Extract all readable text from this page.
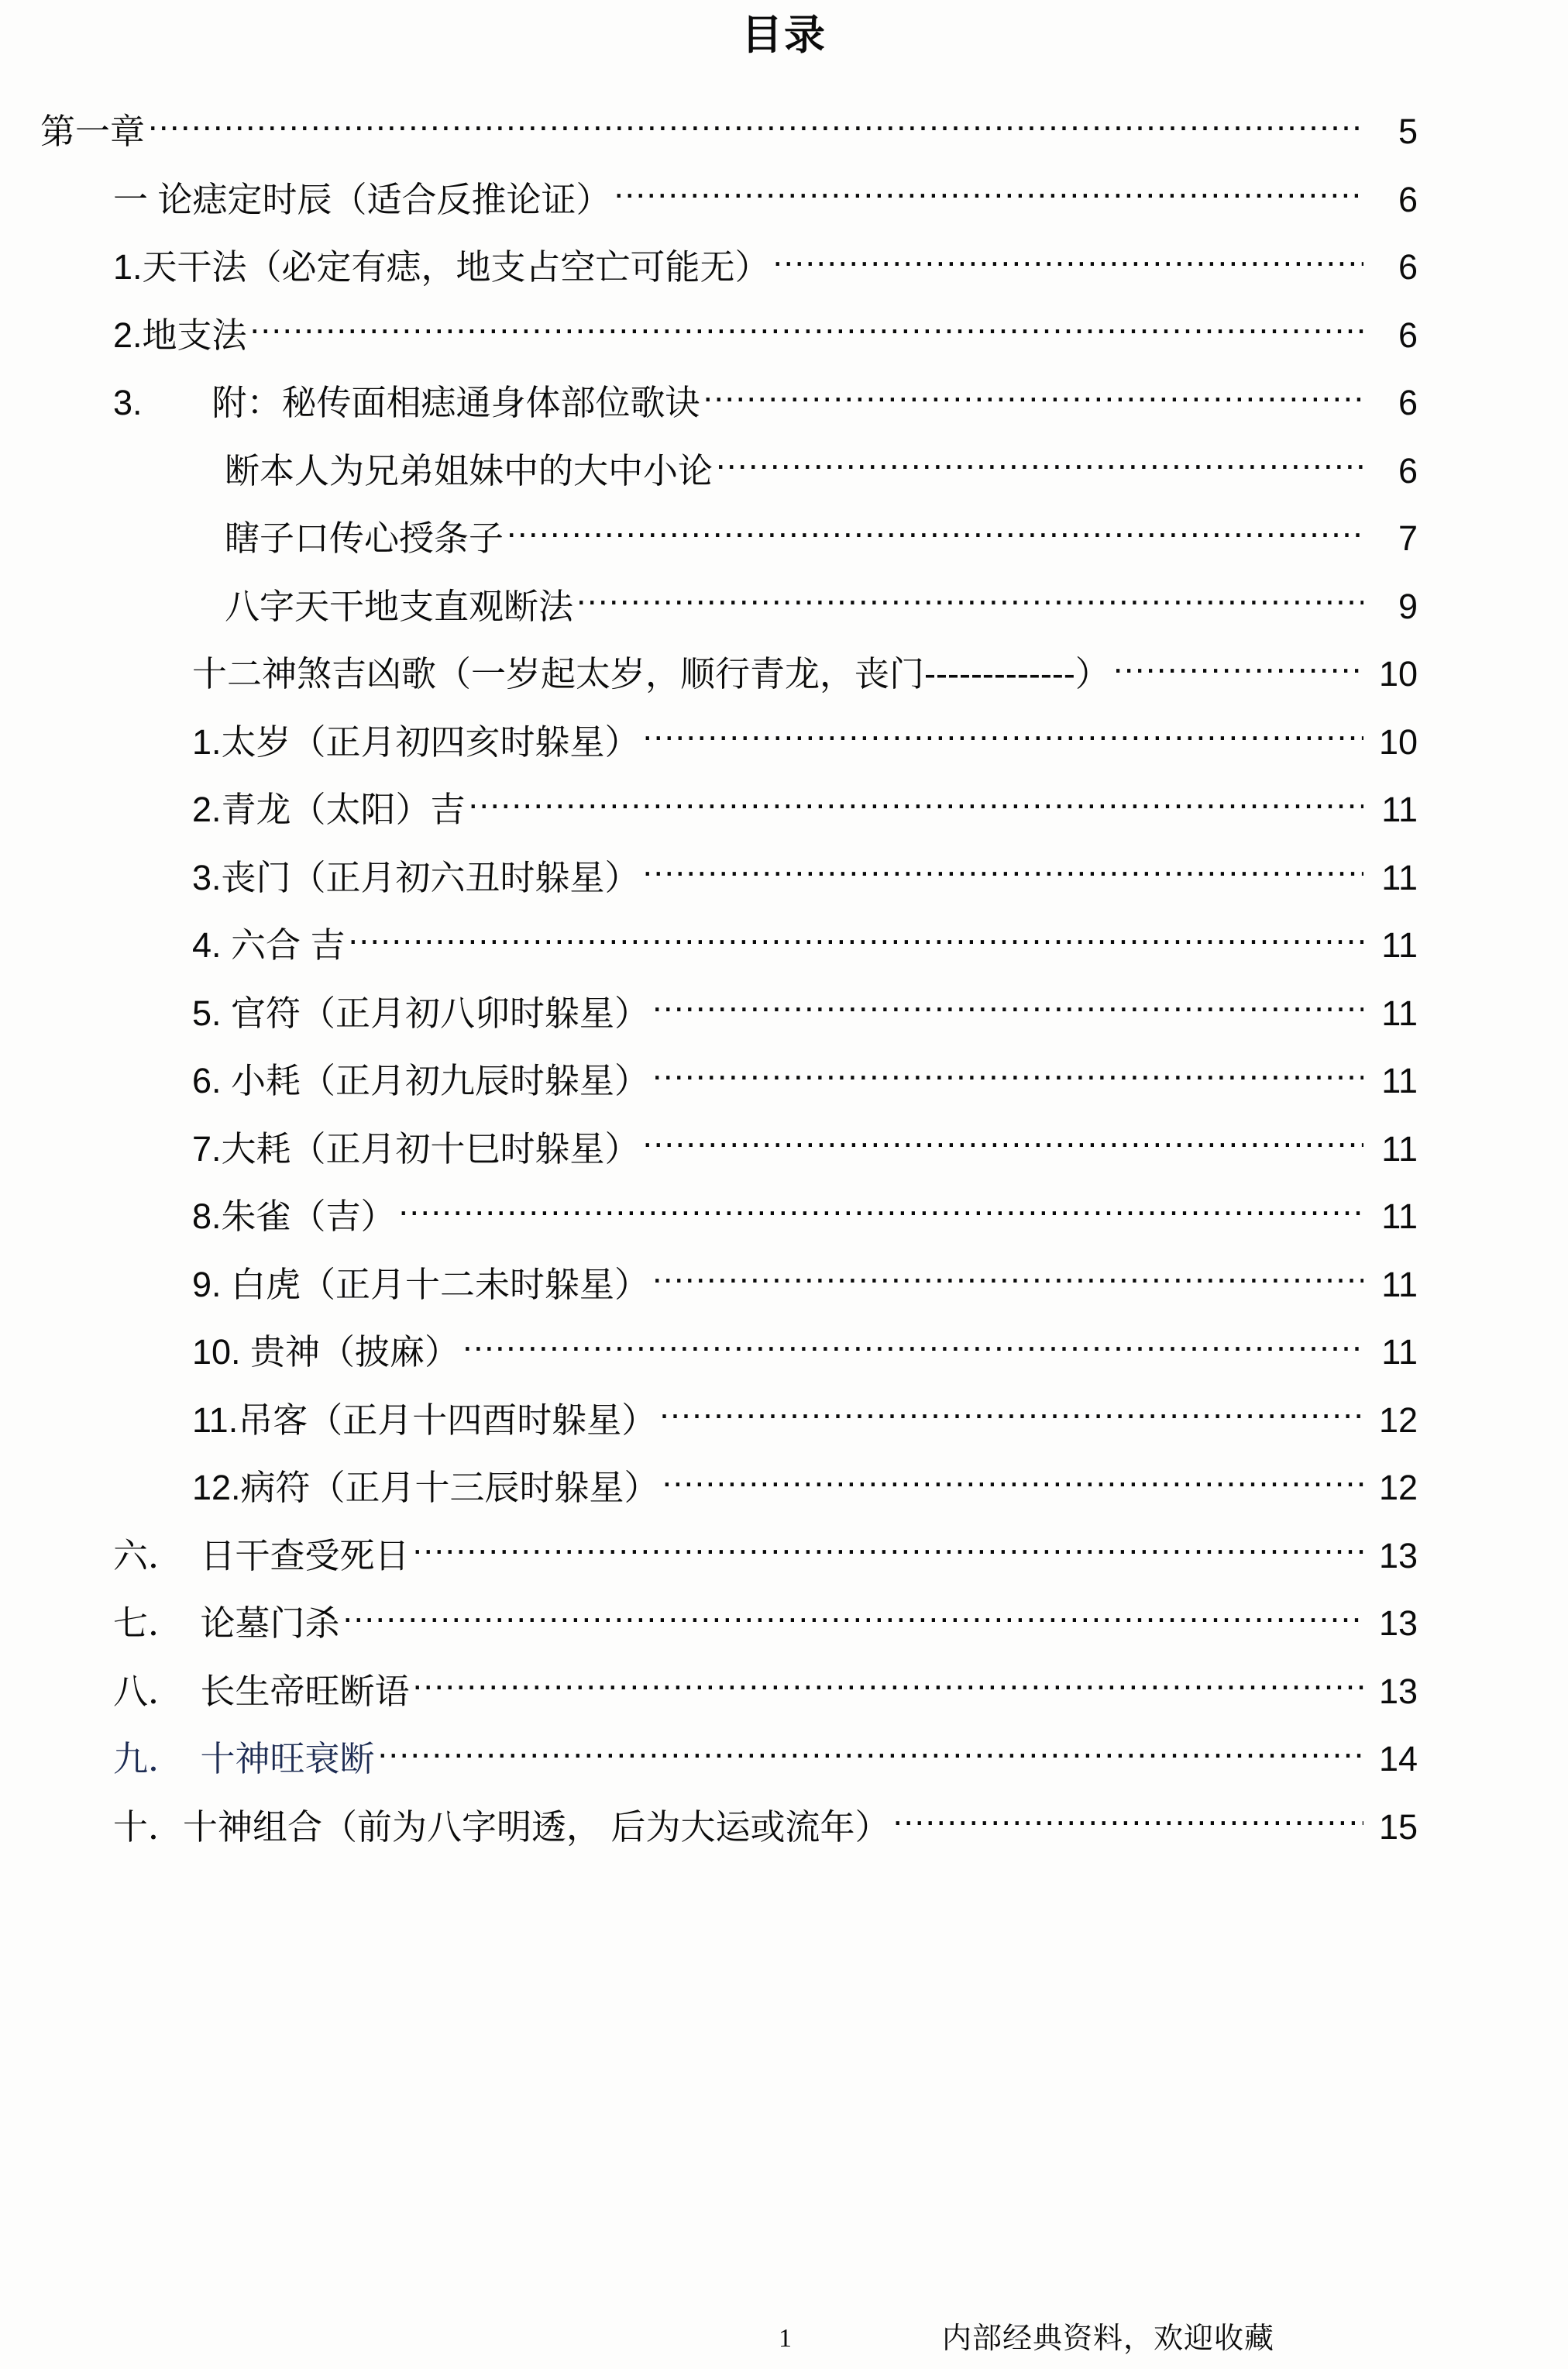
目录
第一章 .....	5
一 论痣定时辰（适合反推论证） .....	6
1.天干法（必定有痣，地支占空亡可能无） .....	6
2.地支法 .....	6
3.　　附：秘传面相痣通身体部位歌诀 .....	6
断本人为兄弟姐妹中的大中小论 .....	6
瞎子口传心授条子 .....	7
八字天干地支直观断法 .....	9
十二神煞吉凶歌（一岁起太岁，顺行青龙，丧门-------------） .....	10
1.太岁（正月初四亥时躲星） .....	10
2.青龙（太阳）吉 .....	11
3.丧门（正月初六丑时躲星） .....	11
4. 六合 吉 .....	11
5. 官符（正月初八卯时躲星） .....	11
6. 小耗（正月初九辰时躲星） .....	11
7.大耗（正月初十巳时躲星） .....	11
8.朱雀（吉） .....	11
9. 白虎（正月十二未时躲星） .....	11
10. 贵神（披麻） .....	11
11.吊客（正月十四酉时躲星） .....	12
12.病符（正月十三辰时躲星） .....	12
六．　日干查受死日 .....	13
七．　论墓门杀 .....	13
八．　长生帝旺断语 .....	13
九．　十神旺衰断 .....	14
十．十神组合（前为八字明透， 后为大运或流年） .....	15
1	内部经典资料，欢迎收藏
